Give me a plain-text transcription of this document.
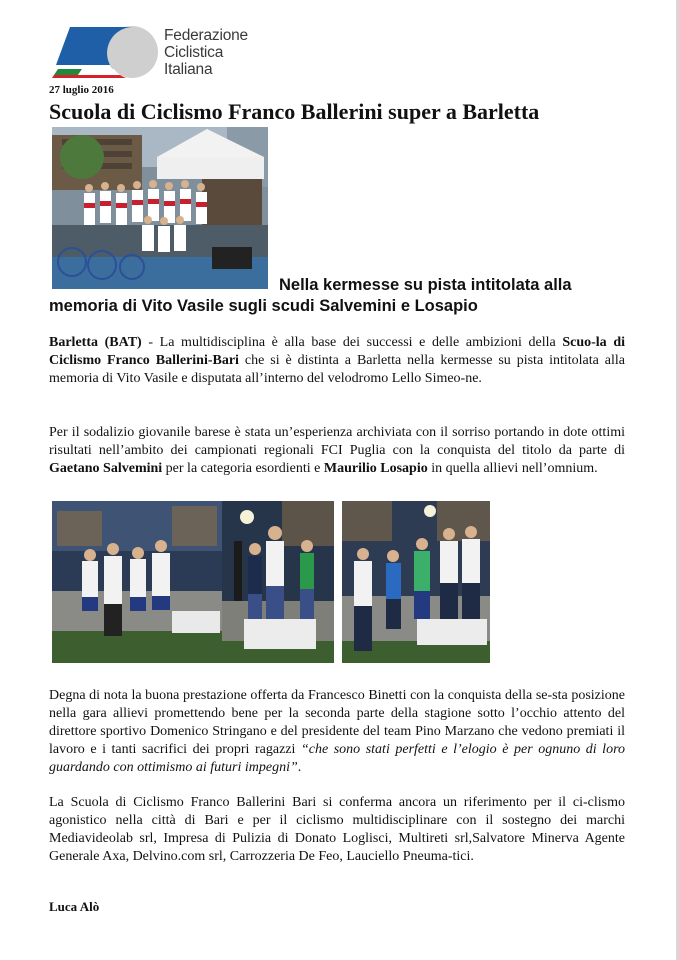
Federazione
Ciclistica
Italiana
27 luglio 2016
Scuola di Ciclismo Franco Ballerini super a Barletta
Nella kermesse su pista intitolata alla
memoria di Vito Vasile sugli scudi Salvemini e Losapio
Barletta (BAT) - La multidisciplina è alla base dei successi e delle ambizioni della Scuo-la di Ciclismo Franco Ballerini-Bari che si è distinta a Barletta nella kermesse su pista intitolata alla memoria di Vito Vasile e disputata all’interno del velodromo Lello Simeo-ne.
Per il sodalizio giovanile barese è stata un’esperienza archiviata con il sorriso portando in dote ottimi risultati nell’ambito dei campionati regionali FCI Puglia con la conquista del titolo da parte di Gaetano Salvemini per la categoria esordienti e Maurilio Losapio in quella allievi nell’omnium.
Degna di nota la buona prestazione offerta da Francesco Binetti con la conquista della se-sta posizione nella gara allievi promettendo bene per la seconda parte della stagione sotto l’occhio attento del direttore sportivo Domenico Stringano e del presidente del team Pino Marzano che vedono premiati il lavoro e i tanti sacrifici dei propri ragazzi “che sono stati perfetti e l’elogio è per ognuno di loro guardando con ottimismo ai futuri impegni”.
La Scuola di Ciclismo Franco Ballerini Bari si conferma ancora un riferimento per il ci-clismo agonistico nella città di Bari e per il ciclismo multidisciplinare con il sostegno dei marchi Mediavideolab srl, Impresa di Pulizia di Donato Loglisci, Multireti srl,Salvatore Minerva Agente Generale Axa, Delvino.com srl, Carrozzeria De Feo, Lauciello Pneuma-tici.
Luca Alò
